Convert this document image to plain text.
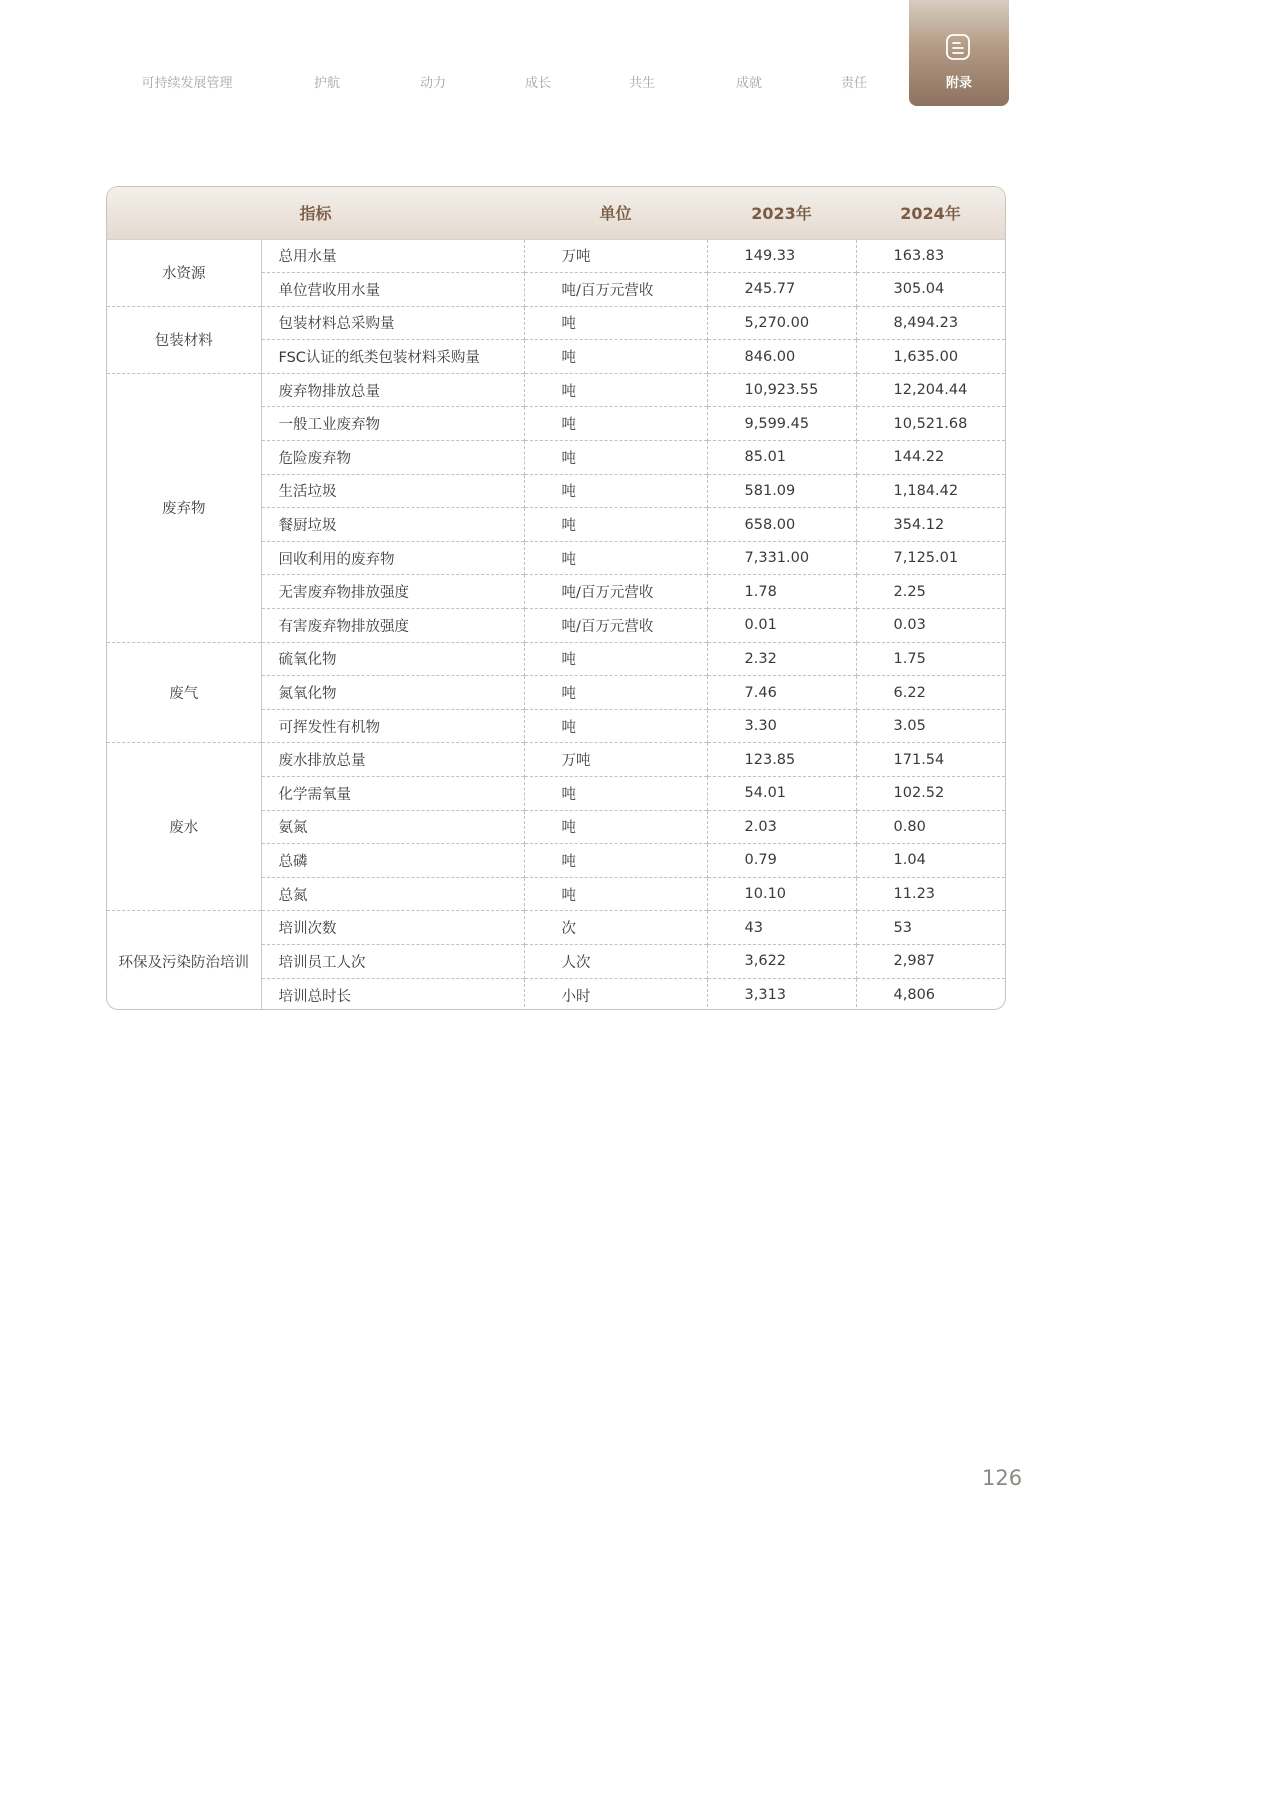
可持续发展管理	护航	动力	成长	共生	成就	责任	附录
指标		单位	2023年	2024年
水资源	总用水量	万吨	149.33	163.83
	单位营收用水量	吨/百万元营收	245.77	305.04
包装材料	包装材料总采购量	吨	5,270.00	8,494.23
	FSC认证的纸类包装材料采购量	吨	846.00	1,635.00
废弃物	废弃物排放总量	吨	10,923.55	12,204.44
	一般工业废弃物	吨	9,599.45	10,521.68
	危险废弃物	吨	85.01	144.22
	生活垃圾	吨	581.09	1,184.42
	餐厨垃圾	吨	658.00	354.12
	回收利用的废弃物	吨	7,331.00	7,125.01
	无害废弃物排放强度	吨/百万元营收	1.78	2.25
	有害废弃物排放强度	吨/百万元营收	0.01	0.03
废气	硫氧化物	吨	2.32	1.75
	氮氧化物	吨	7.46	6.22
	可挥发性有机物	吨	3.30	3.05
废水	废水排放总量	万吨	123.85	171.54
	化学需氧量	吨	54.01	102.52
	氨氮	吨	2.03	0.80
	总磷	吨	0.79	1.04
	总氮	吨	10.10	11.23
环保及污染防治培训	培训次数	次	43	53
	培训员工人次	人次	3,622	2,987
	培训总时长	小时	3,313	4,806
126
